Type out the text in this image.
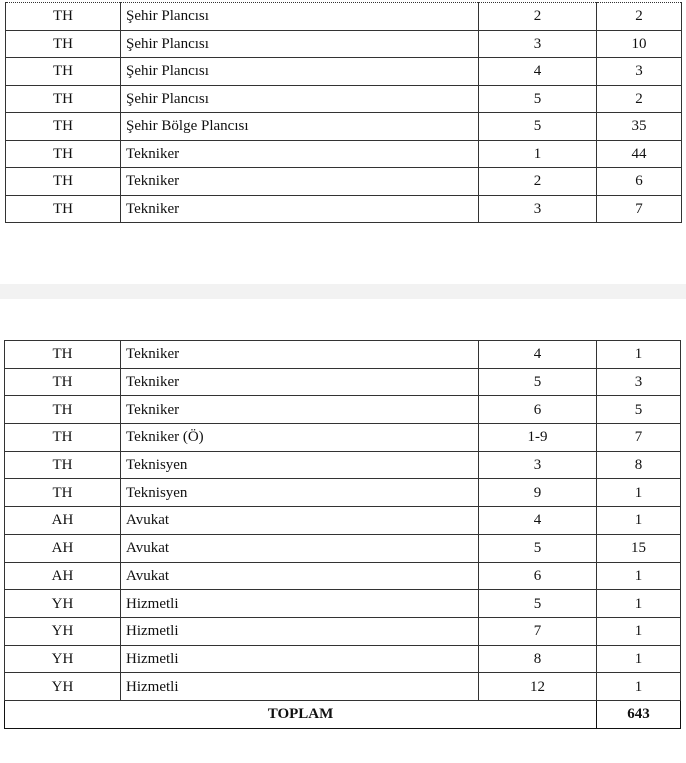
TH	Şehir Plancısı	2	2
TH	Şehir Plancısı	3	10
TH	Şehir Plancısı	4	3
TH	Şehir Plancısı	5	2
TH	Şehir Bölge Plancısı	5	35
TH	Tekniker	1	44
TH	Tekniker	2	6
TH	Tekniker	3	7
TH	Tekniker	4	1
TH	Tekniker	5	3
TH	Tekniker	6	5
TH	Tekniker (Ö)	1-9	7
TH	Teknisyen	3	8
TH	Teknisyen	9	1
AH	Avukat	4	1
AH	Avukat	5	15
AH	Avukat	6	1
YH	Hizmetli	5	1
YH	Hizmetli	7	1
YH	Hizmetli	8	1
YH	Hizmetli	12	1
TOPLAM			643
